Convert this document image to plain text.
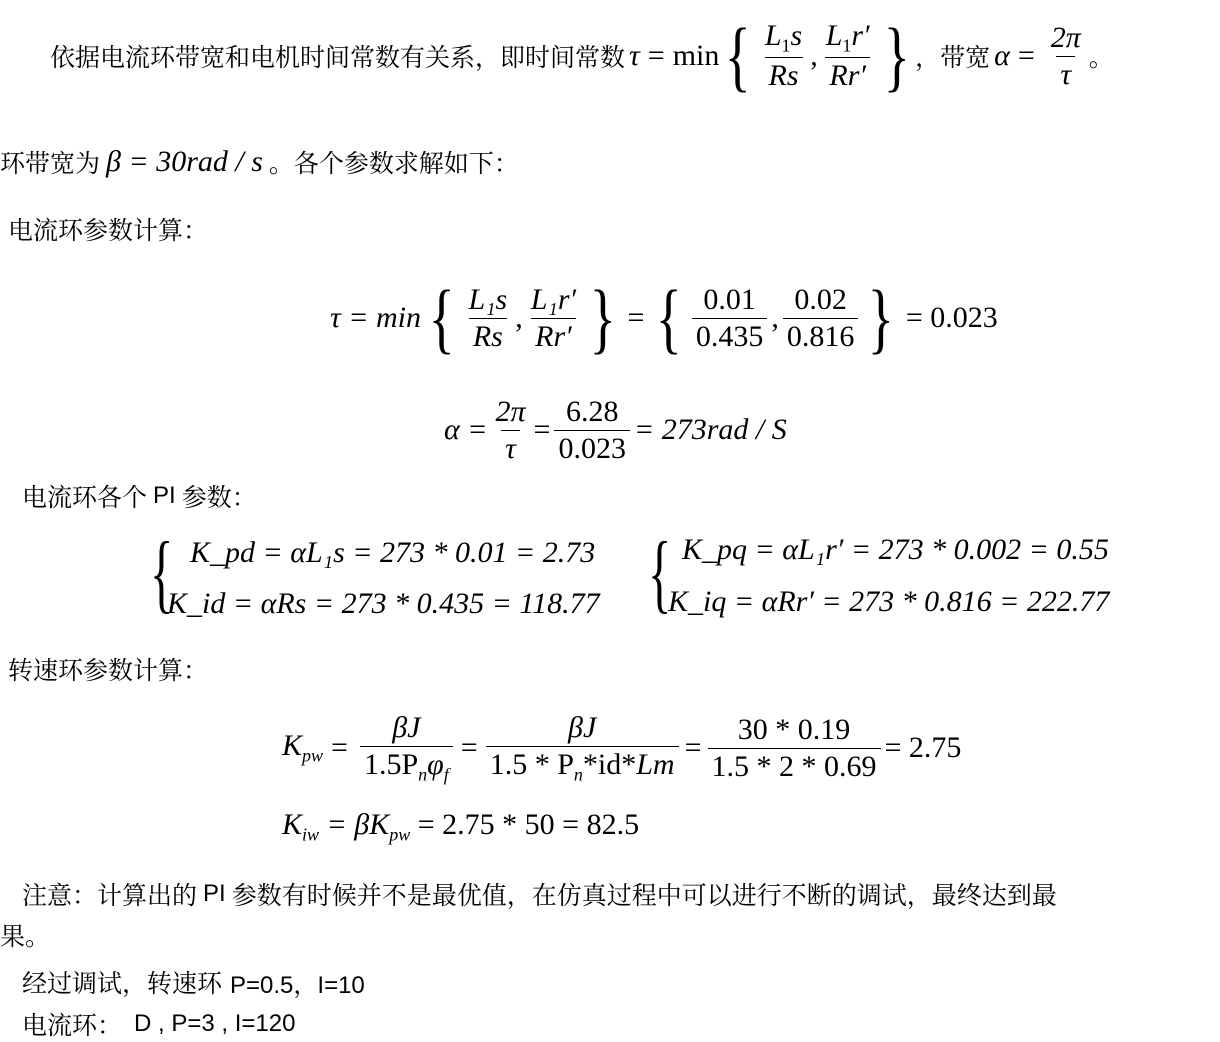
依据电流环带宽和电机时间常数有关系，即时间常数 τ = min { $\frac{L_1s}{Rs}$ , $\frac{L_1r'}{Rr'}$ } ，带宽 $\alpha = \frac{2\pi}{\tau}$ 。
环带宽为 β = 30rad / s 。各个参数求解如下：
电流环参数计算：
τ = min { $\frac{\text{L₁s}}{Rs}$ , $\frac{\text{L₁r′}}{Rr'}$ } = { $\frac{0.01}{0.435}$ , $\frac{0.02}{0.816}$ } = 0.023
$\alpha = \frac{2\pi}{\tau} = \frac{6.28}{0.023} = 273rad / S$
电流环各个 PI 参数：
{ K_pd = αL₁s = 273 * 0.01 = 2.73
K_id = αRs = 273 * 0.435 = 118.77 { K_pq = αL₁r′ = 273 * 0.002 = 0.55
K_iq = αRr′ = 273 * 0.816 = 222.77
转速环参数计算：
$K_{pw} = \frac{\beta J}{1.5P_n\varphi_f} = \frac{\beta J}{1.5 * P_n*id*Lm} = \frac{30 * 0.19}{1.5 * 2 * 0.69} = 2.75$
$K_{iw} = \beta K_{pw} = 2.75 * 50 = 82.5$
注意：计算出的 PI 参数有时候并不是最优值，在仿真过程中可以进行不断的调试，最终达到最
果。
经过调试，转速环 P=0.5，I=10
电流环： D , P=3 , I=120
